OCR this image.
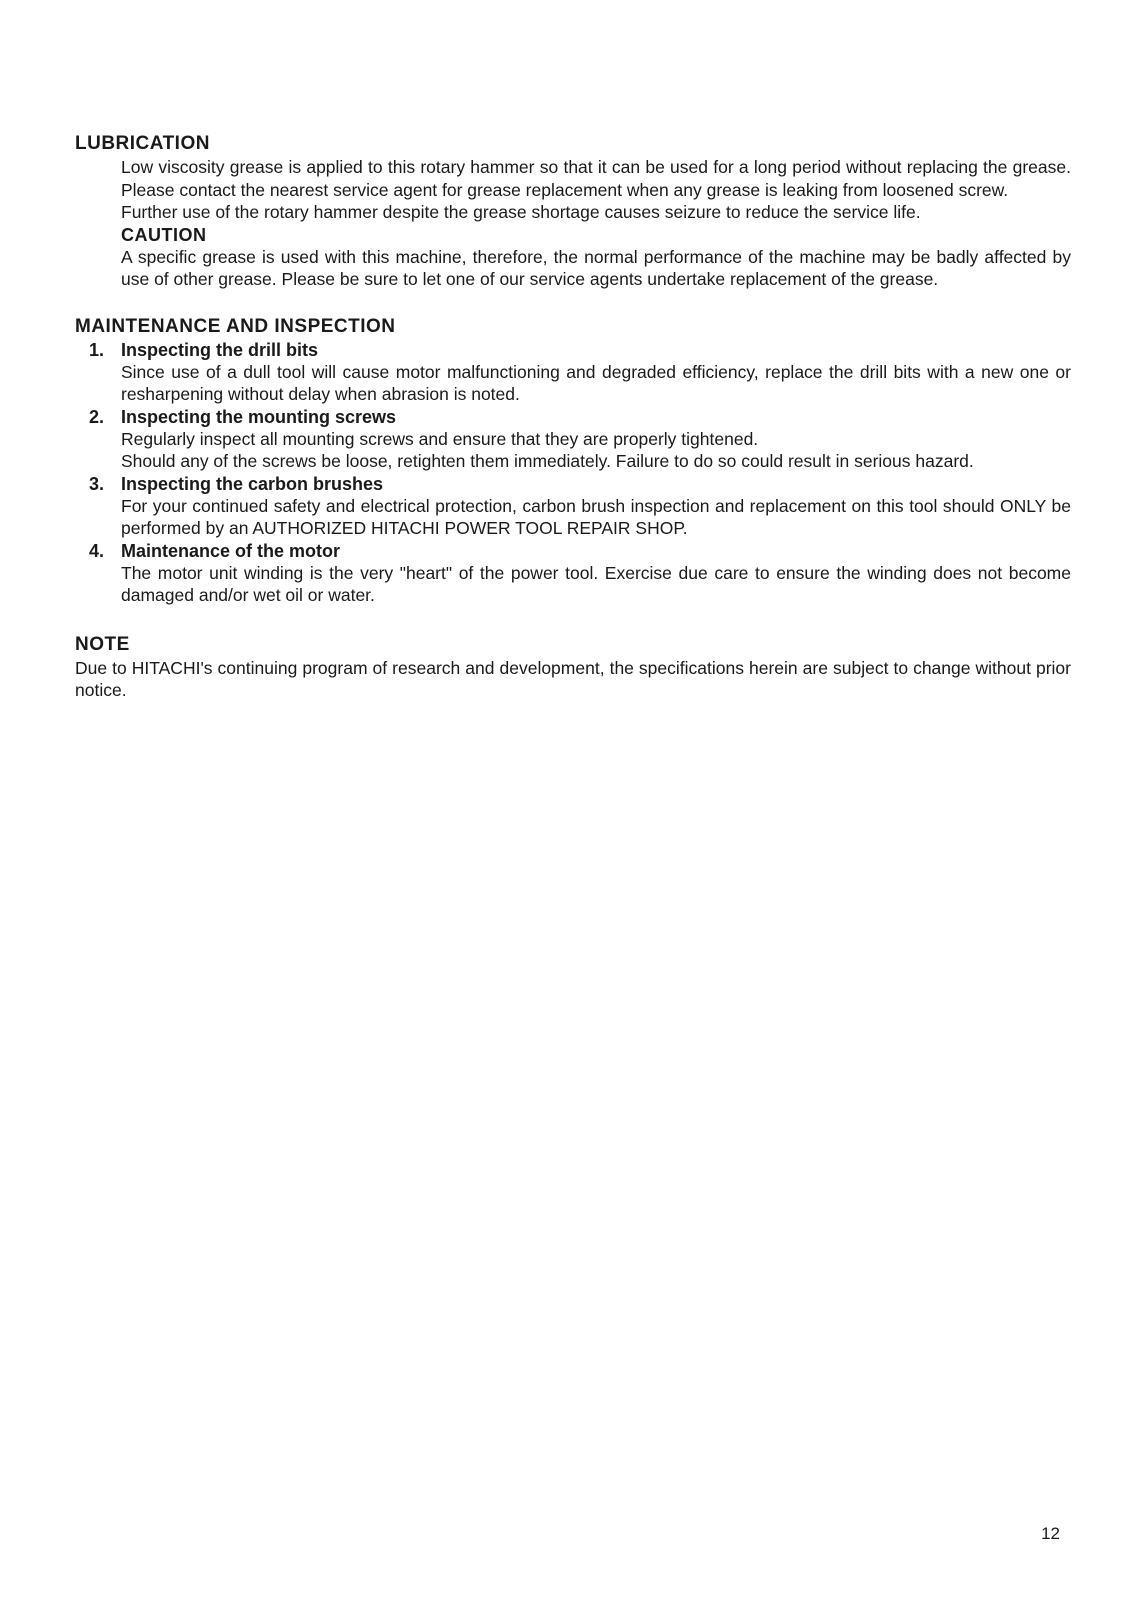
LUBRICATION
Low viscosity grease is applied to this rotary hammer so that it can be used for a long period without replacing the grease. Please contact the nearest service agent for grease replacement when any grease is leaking from loosened screw.
Further use of the rotary hammer despite the grease shortage causes seizure to reduce the service life.
CAUTION
A specific grease is used with this machine, therefore, the normal performance of the machine may be badly affected by use of other grease. Please be sure to let one of our service agents undertake replacement of the grease.
MAINTENANCE AND INSPECTION
1. Inspecting the drill bits
Since use of a dull tool will cause motor malfunctioning and degraded efficiency, replace the drill bits with a new one or resharpening without delay when abrasion is noted.
2. Inspecting the mounting screws
Regularly inspect all mounting screws and ensure that they are properly tightened.
Should any of the screws be loose, retighten them immediately. Failure to do so could result in serious hazard.
3. Inspecting the carbon brushes
For your continued safety and electrical protection, carbon brush inspection and replacement on this tool should ONLY be performed by an AUTHORIZED HITACHI POWER TOOL REPAIR SHOP.
4. Maintenance of the motor
The motor unit winding is the very "heart" of the power tool. Exercise due care to ensure the winding does not become damaged and/or wet oil or water.
NOTE
Due to HITACHI's continuing program of research and development, the specifications herein are subject to change without prior notice.
12
